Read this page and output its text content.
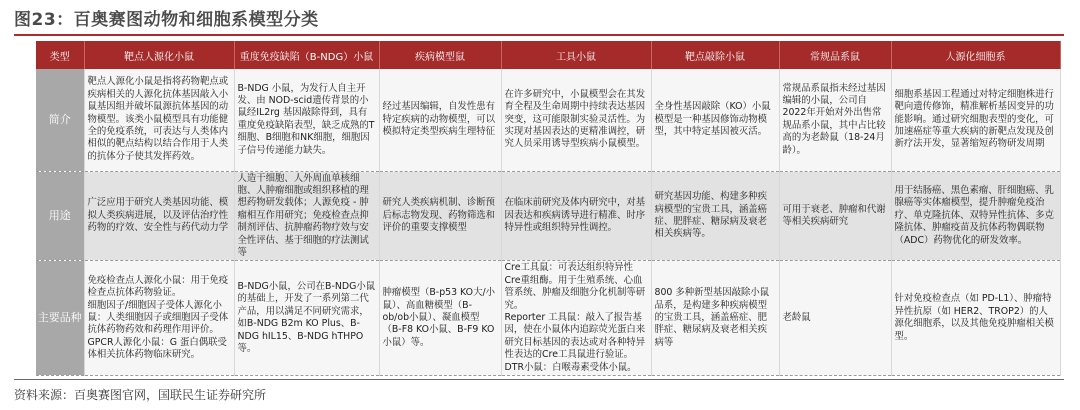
图23：百奥赛图动物和细胞系模型分类
类型	靶点人源化小鼠	重度免疫缺陷（B-NDG）小鼠	疾病模型鼠	工具小鼠	靶点敲除小鼠	常规品系鼠	人源化细胞系
简介	靶点人源化小鼠是指将药物靶点或疾病相关的人源化抗体基因敲入小鼠基因组并破坏鼠源抗体基因的动物模型。该类小鼠模型具有功能健全的免疫系统，可表达与人类体内相似的靶点结构以结合作用于人类的抗体分子使其发挥药效。	B-NDG 小鼠，为发行人自主开发、由 NOD-scid遗传背景的小鼠经IL2rg 基因敲除得到，具有重度免疫缺陷表型，缺乏成熟的T细胞、B细胞和NK细胞，细胞因子信号传递能力缺失。	经过基因编辑，自发性患有特定疾病的动物模型，可以模拟特定类型疾病生理特征	在许多研究中，小鼠模型会在其发育全程及生命周期中持续表达基因突变，这可能限制实验灵活性。为实现对基因表达的更精准调控，研究人员采用诱导型疾病小鼠模型。	全身性基因敲除（KO）小鼠模型是一种基因修饰动物模型，其中特定基因被灭活。	常规品系鼠指未经过基因编辑的小鼠，公司自2022年开始对外出售常规品系小鼠，其中占比较高的为老龄鼠（18-24月龄）。	细胞系基因工程通过对特定细胞株进行靶向遗传修饰，精准解析基因变异的功能影响。通过研究细胞表型的变化，可加速癌症等重大疾病的新靶点发现及创新疗法开发，显著缩短药物研发周期
用途	广泛应用于研究人类基因功能、模拟人类疾病进展，以及评估治疗性药物的疗效、安全性与药代动力学	人造干细胞、人外周血单核细胞、人肿瘤细胞或组织移植的理想药物研发载体；人源免疫 - 肿瘤相互作用研究；免疫检查点抑制剂评估、抗肿瘤药物疗效与安全性评估、基于细胞的疗法测试等	研究人类疾病机制、诊断预后标志物发现、药物筛选和评价的重要支撑模型	在临床前研究及体内研究中，对基因表达和疾病诱导进行精准、时序特异性或组织特异性调控。	研究基因功能、构建多种疾病模型的宝贵工具，涵盖癌症、肥胖症、糖尿病及衰老相关疾病等。	可用于衰老、肿瘤和代谢等相关疾病研究	用于结肠癌、黑色素瘤、肝细胞癌、乳腺癌等实体瘤模型，提升肿瘤免疫治疗、单克隆抗体、双特异性抗体、多克隆抗体、肿瘤疫苗及抗体药物偶联物（ADC）药物优化的研发效率。
主要品种	免疫检查点人源化小鼠：用于免疫检查点抗体药物验证。
细胞因子/细胞因子受体人源化小鼠：人类细胞因子或细胞因子受体抗体药物药效和药理作用评价。
GPCR人源化小鼠：G 蛋白偶联受体相关抗体药物临床研究。	B-NDG小鼠，公司在B-NDG小鼠的基础上，开发了一系列第二代产品，用以满足不同研究需求，如B-NDG B2m KO Plus、B-NDG hIL15、B-NDG hTHPO等。	肿瘤模型（B-p53 KO大/小鼠）、高血糖模型（B-ob/ob小鼠）、凝血模型（B-F8 KO小鼠、B-F9 KO小鼠）等。	Cre工具鼠：可表达组织特异性Cre重组酶。用于生殖系统、心血管系统、肿瘤及细胞分化机制等研究。
Reporter 工具鼠：敲入了报告基因，使在小鼠体内追踪荧光蛋白来研究目标基因的表达或对各种特异性表达的Cre工具鼠进行验证。
DTR小鼠：白喉毒素受体小鼠。	800 多种新型基因敲除小鼠品系，是构建多种疾病模型的宝贵工具，涵盖癌症、肥胖症、糖尿病及衰老相关疾病等	老龄鼠	针对免疫检查点（如 PD-L1）、肿瘤特异性抗原（如 HER2、TROP2）的人源化细胞系，以及其他免疫肿瘤相关模型。
资料来源：百奥赛图官网，国联民生证券研究所
